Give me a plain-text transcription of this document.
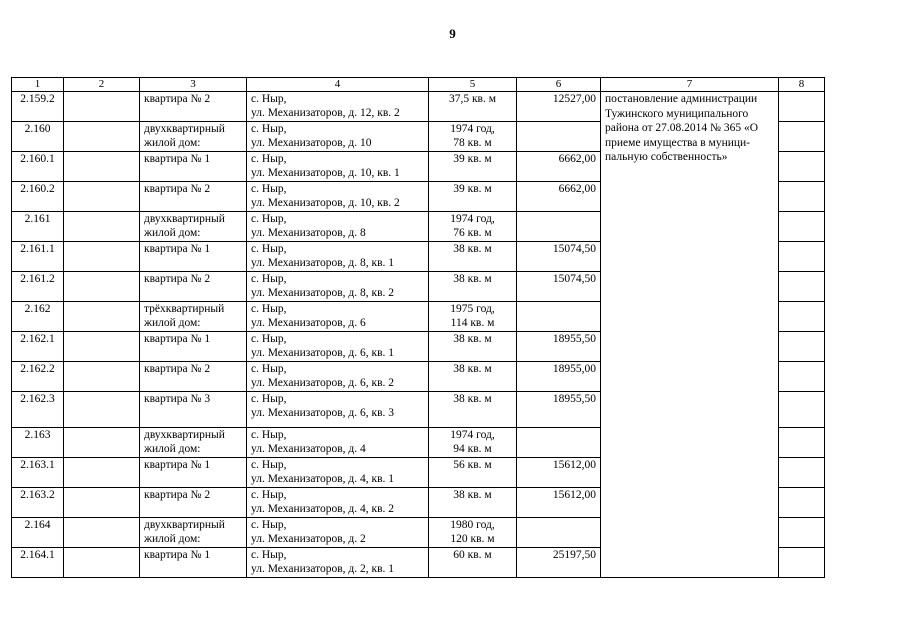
9
1	2	3	4	5	6	7	8
2.159.2		квартира № 2	с. Ныр,
ул. Механизаторов, д. 12, кв. 2	37,5 кв. м	12527,00	постановление администрации
Тужинского муниципального
района от 27.08.2014 № 365 «О
приеме имущества в муници-
пальную собственность»	

2.160		двухквартирный
жилой дом:	с. Ныр,
ул. Механизаторов, д. 10	1974 год,
78 кв. м			

2.160.1		квартира № 1	с. Ныр,
ул. Механизаторов, д. 10, кв. 1	39 кв. м	6662,00		
2.160.2		квартира № 2	с. Ныр,
ул. Механизаторов, д. 10, кв. 2	39 кв. м	6662,00		
2.161		двухквартирный
жилой дом:	с. Ныр,
ул. Механизаторов, д. 8	1974 год,
76 кв. м			

2.161.1		квартира № 1	с. Ныр,
ул. Механизаторов, д. 8, кв. 1	38 кв. м	15074,50		
2.161.2		квартира № 2	с. Ныр,
ул. Механизаторов, д. 8, кв. 2	38 кв. м	15074,50		
2.162		трёхквартирный
жилой дом:	с. Ныр,
ул. Механизаторов, д. 6	1975 год,
114 кв. м			

2.162.1		квартира № 1	с. Ныр,
ул. Механизаторов, д. 6, кв. 1	38 кв. м	18955,50		
2.162.2		квартира № 2	с. Ныр,
ул. Механизаторов, д. 6, кв. 2	38 кв. м	18955,00		
2.162.3		квартира № 3	с. Ныр,
ул. Механизаторов, д. 6, кв. 3	38 кв. м	18955,50		
2.163		двухквартирный
жилой дом:	с. Ныр,
ул. Механизаторов, д. 4	1974 год,
94 кв. м			

2.163.1		квартира № 1	с. Ныр,
ул. Механизаторов, д. 4, кв. 1	56 кв. м	15612,00		
2.163.2		квартира № 2	с. Ныр,
ул. Механизаторов, д. 4, кв. 2	38 кв. м	15612,00		
2.164		двухквартирный
жилой дом:	с. Ныр,
ул. Механизаторов, д. 2	1980 год,
120 кв. м			

2.164.1		квартира № 1	с. Ныр,
ул. Механизаторов, д. 2, кв. 1	60 кв. м	25197,50		
